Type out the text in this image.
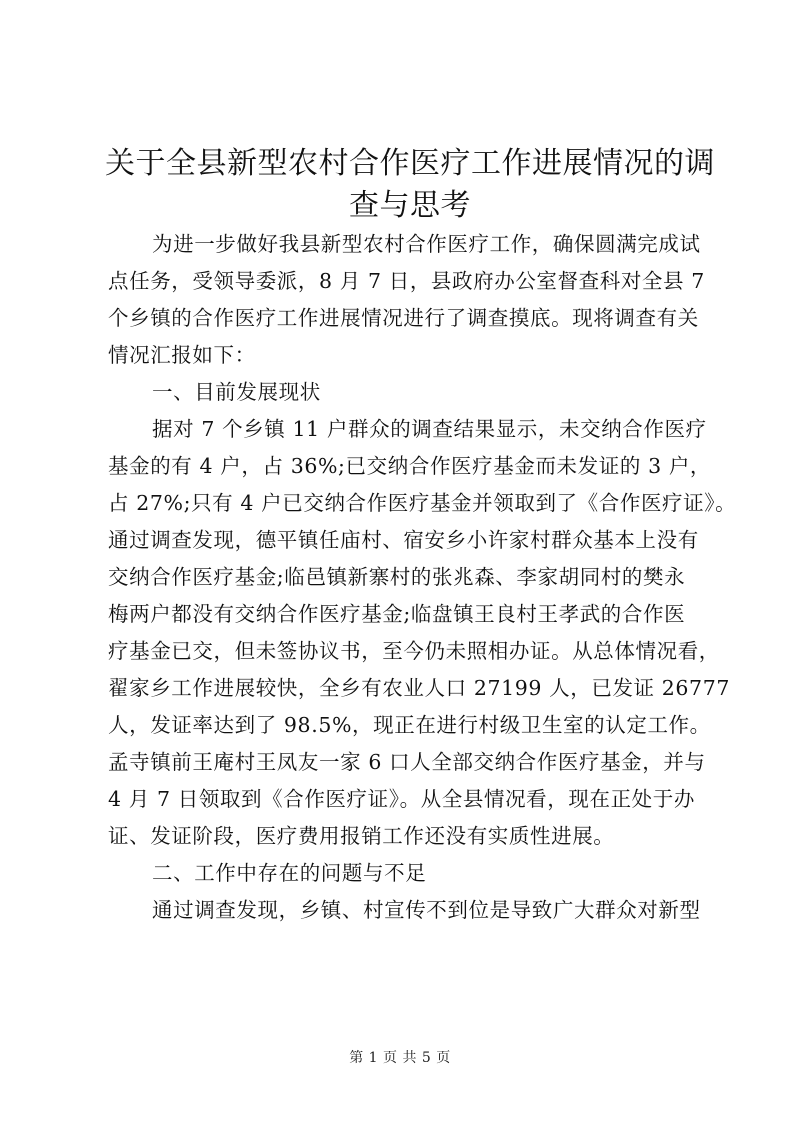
关于全县新型农村合作医疗工作进展情况的调
查与思考
为进一步做好我县新型农村合作医疗工作，确保圆满完成试
点任务，受领导委派，8 月 7 日，县政府办公室督查科对全县 7
个乡镇的合作医疗工作进展情况进行了调查摸底。现将调查有关
情况汇报如下：
一、目前发展现状
据对 7 个乡镇 11 户群众的调查结果显示，未交纳合作医疗
基金的有 4 户，占 36%;已交纳合作医疗基金而未发证的 3 户，
占 27%;只有 4 户已交纳合作医疗基金并领取到了《合作医疗证》。
通过调查发现，德平镇任庙村、宿安乡小许家村群众基本上没有
交纳合作医疗基金;临邑镇新寨村的张兆森、李家胡同村的樊永
梅两户都没有交纳合作医疗基金;临盘镇王良村王孝武的合作医
疗基金已交，但未签协议书，至今仍未照相办证。从总体情况看，
翟家乡工作进展较快，全乡有农业人口 27199 人，已发证 26777
人，发证率达到了 98.5%，现正在进行村级卫生室的认定工作。
孟寺镇前王庵村王凤友一家 6 口人全部交纳合作医疗基金，并与
4 月 7 日领取到《合作医疗证》。从全县情况看，现在正处于办
证、发证阶段，医疗费用报销工作还没有实质性进展。
二、工作中存在的问题与不足
通过调查发现，乡镇、村宣传不到位是导致广大群众对新型
第 1 页 共 5 页
